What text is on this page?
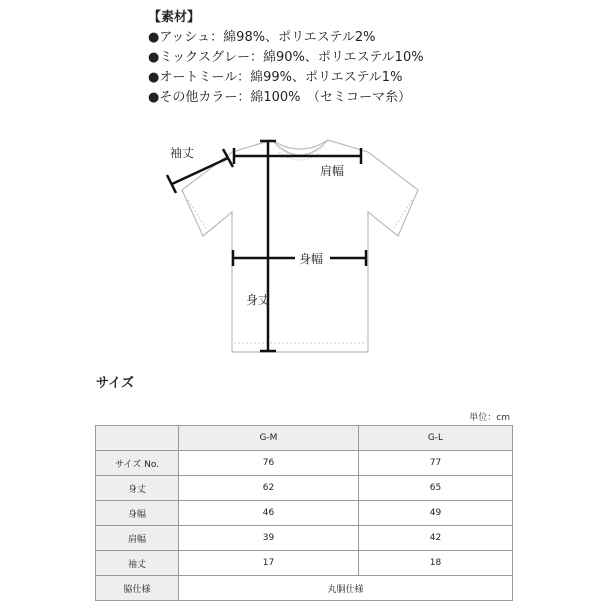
【素材】
●アッシュ：綿98%、ポリエステル2%
●ミックスグレー：綿90%、ポリエステル10%
●オートミール：綿99%、ポリエステル1%
●その他カラー：綿100%　（セミコーマ糸）
袖丈
肩幅
身丈
身幅
サイズ
単位：cm
	G-M	G-L
サイズ No.	76	77
身丈	62	65
身幅	46	49
肩幅	39	42
袖丈	17	18
脇仕様	丸胴仕様	
